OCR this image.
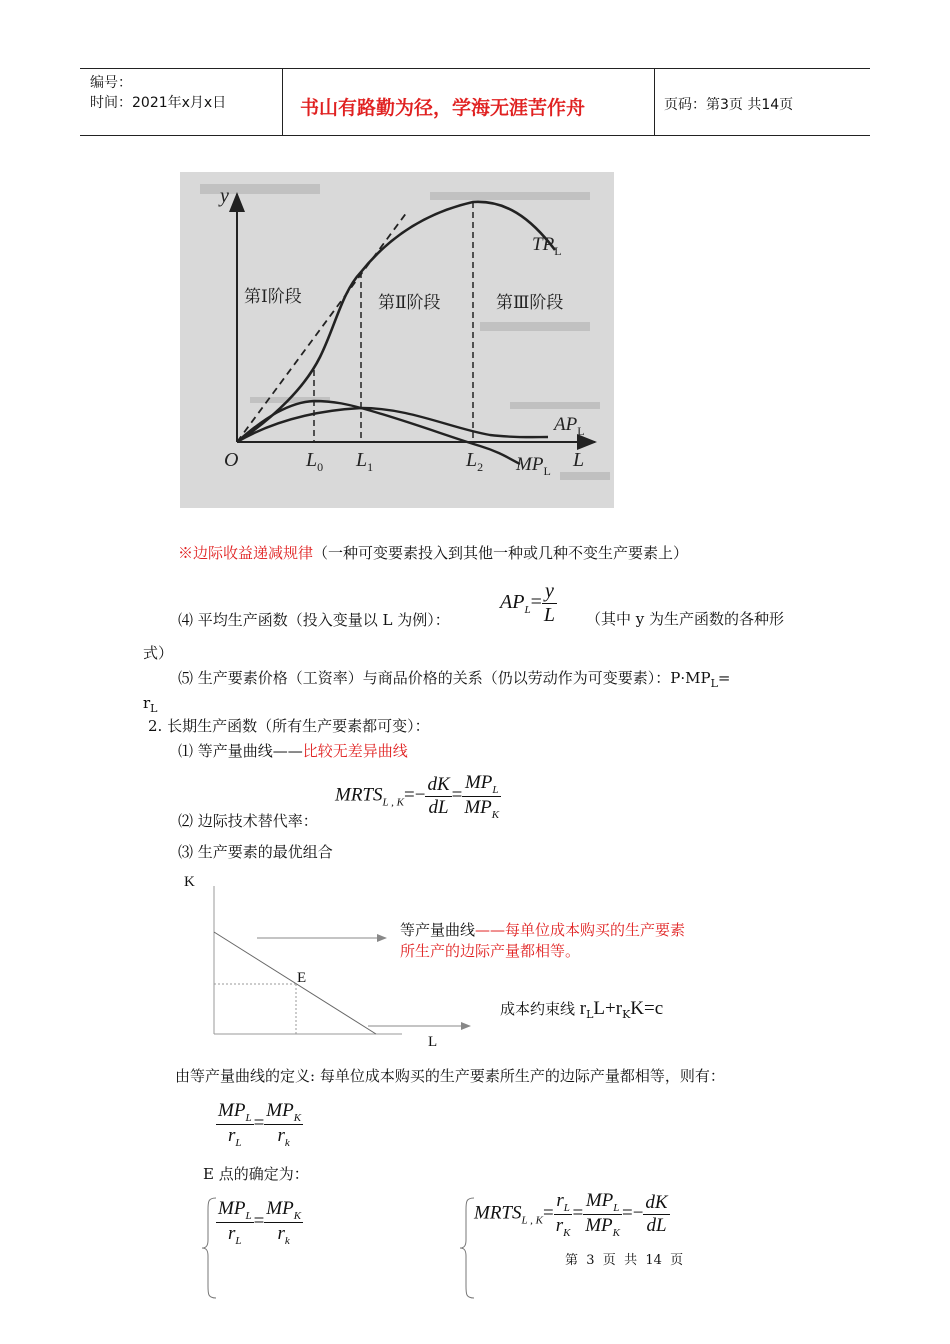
编号：
时间：2021年x月x日	书山有路勤为径，学海无涯苦作舟	页码：第3页 共14页
y
O	L
$L_0$ $L_1$	$L_2$
$TP_L$
$AP_L$
$MP_L$
第Ⅰ阶段	第Ⅱ阶段	第Ⅲ阶段
※边际收益递减规律（一种可变要素投入到其他一种或几种不变生产要素上）
$AP_L= \frac{y}{L}$
⑷ 平均生产函数（投入变量以 L 为例）：	（其中 y 为生产函数的各种形
式）
⑸ 生产要素价格（工资率）与商品价格的关系（仍以劳动作为可变要素）：$P\cdot MP_L=$
$r_L$
2. 长期生产函数（所有生产要素都可变）：
⑴ 等产量曲线——比较无差异曲线
$MRTS_{L , K}=- \frac{dK}{dL} = \frac{MP_L}{MP_K}$
⑵ 边际技术替代率：
⑶ 生产要素的最优组合
K
L
E
等产量曲线——每单位成本购买的生产要素
所生产的边际产量都相等。
成本约束线 $r_LL+r_KK=c$
由等产量曲线的定义: 每单位成本购买的生产要素所生产的边际产量都相等，则有：
$\frac{MP_L}{r_L} = \frac{MP_K}{r_k}$
E 点的确定为：
$\frac{MP_L}{r_L} = \frac{MP_K}{r_k}$	$MRTS_{L , K}= \frac{r_L}{r_K} = \frac{MP_L}{MP_K} =- \frac{dK}{dL}$
第  3  页  共  14  页
